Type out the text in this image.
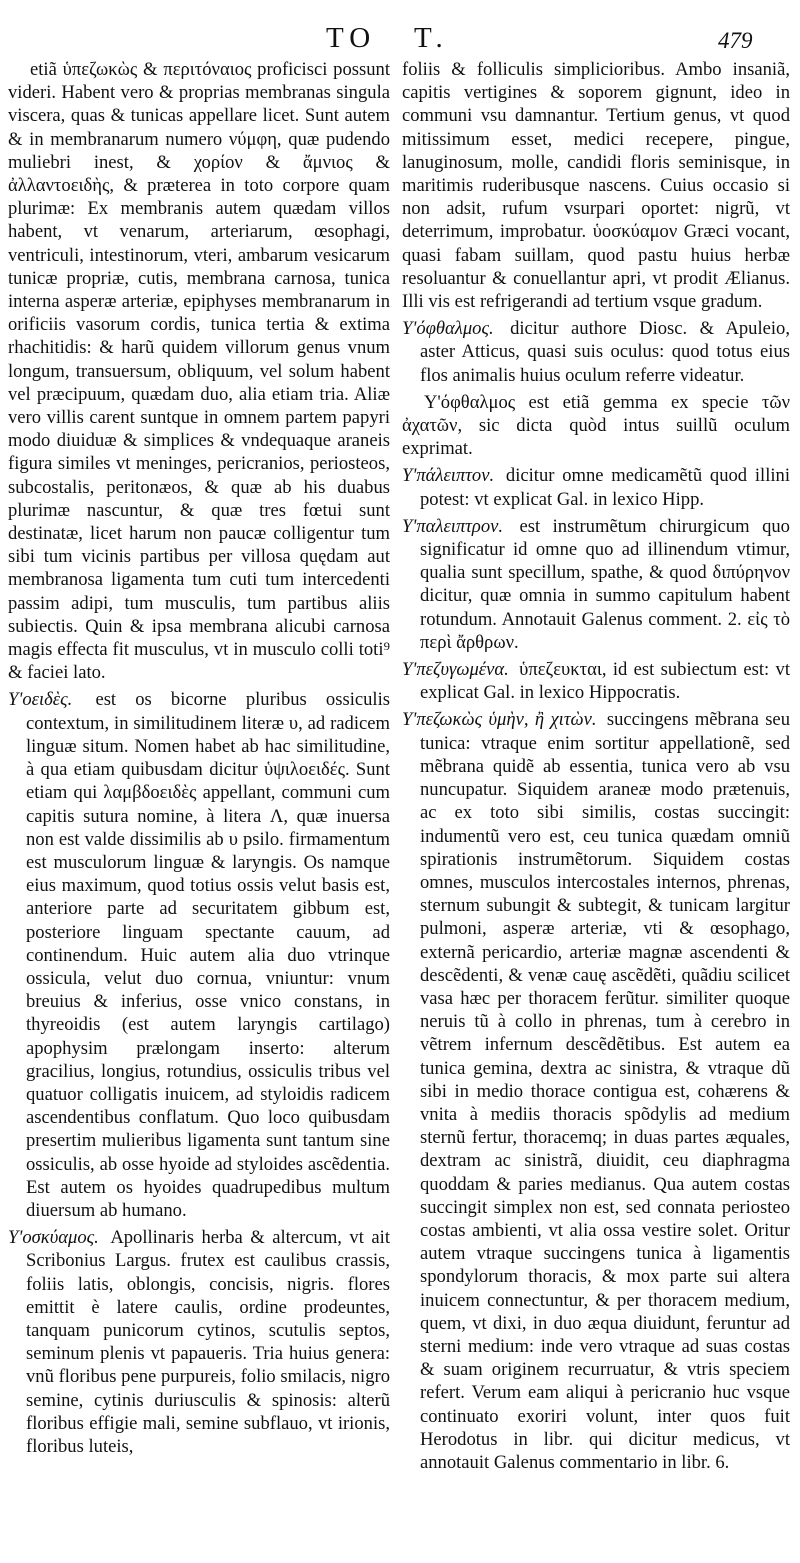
TO T.	479

etiã ὑπεζωκὼς & περιτόναιος proficisci possunt videri. Habent vero & proprias membranas singula viscera, quas & tunicas appellare licet. Sunt autem & in membranarum numero νύμφη, quæ pudendo muliebri inest, & χορίον & ἄμνιος & ἀλλαντοειδὴς, & præterea in toto corpore quam plurimæ: Ex membranis autem quædam villos habent, vt venarum, arteriarum, œsophagi, ventriculi, intestinorum, vteri, ambarum vesicarum tunicæ propriæ, cutis, membrana carnosa, tunica interna asperæ arteriæ, epiphyses membranarum in orificiis vasorum cordis, tunica tertia & extima rhachitidis: & harũ quidem villorum genus vnum longum, transuersum, obliquum, vel solum habent vel præcipuum, quædam duo, alia etiam tria. Aliæ vero villis carent suntque in omnem partem papyri modo diuiduæ & simplices & vndequaque araneis figura similes vt meninges, pericranios, periosteos, subcostalis, peritonæos, & quæ ab his duabus plurimæ nascuntur, & quæ tres fœtui sunt destinatæ, licet harum non paucæ colligentur tum sibi tum vicinis partibus per villosa quędam aut membranosa ligamenta tum cuti tum intercedenti passim adipi, tum musculis, tum partibus aliis subiectis. Quin & ipsa membrana alicubi carnosa magis effecta fit musculus, vt in musculo colli toti⁹ & faciei lato.

Υ'οειδὲς. est os bicorne pluribus ossiculis contextum, in similitudinem literæ υ, ad radicem linguæ situm. Nomen habet ab hac similitudine, à qua etiam quibusdam dicitur ὑψιλοειδές. Sunt etiam qui λαμβδοειδὲς appellant, communi cum capitis sutura nomine, à litera Λ, quæ inuersa non est valde dissimilis ab υ psilo. firmamentum est musculorum linguæ & laryngis. Os namque eius maximum, quod totius ossis velut basis est, anteriore parte ad securitatem gibbum est, posteriore linguam spectante cauum, ad continendum. Huic autem alia duo vtrinque ossicula, velut duo cornua, vniuntur: vnum breuius & inferius, osse vnico constans, in thyreoidis (est autem laryngis cartilago) apophysim prælongam inserto: alterum gracilius, longius, rotundius, ossiculis tribus vel quatuor colligatis inuicem, ad styloidis radicem ascendentibus conflatum. Quo loco quibusdam presertim mulieribus ligamenta sunt tantum sine ossiculis, ab osse hyoide ad styloides ascẽdentia. Est autem os hyoides quadrupedibus multum diuersum ab humano.

Υ'οσκύαμος. Apollinaris herba & altercum, vt ait Scribonius Largus. frutex est caulibus crassis, foliis latis, oblongis, concisis, nigris. flores emittit è latere caulis, ordine prodeuntes, tanquam punicorum cytinos, scutulis septos, seminum plenis vt papaueris. Tria huius genera: vnũ floribus pene purpureis, folio smilacis, nigro semine, cytinis duriusculis & spinosis: alterũ floribus effigie mali, semine subflauo, vt irionis, floribus luteis,

foliis & folliculis simplicioribus. Ambo insaniã, capitis vertigines & soporem gignunt, ideo in communi vsu damnantur. Tertium genus, vt quod mitissimum esset, medici recepere, pingue, lanuginosum, molle, candidi floris seminisque, in maritimis ruderibusque nascens. Cuius occasio si non adsit, rufum vsurpari oportet: nigrũ, vt deterrimum, improbatur. ὑοσκύαμον Græci vocant, quasi fabam suillam, quod pastu huius herbæ resoluantur & conuellantur apri, vt prodit Ælianus. Illi vis est refrigerandi ad tertium vsque gradum.

Υ'όφθαλμος. dicitur authore Diosc. & Apuleio, aster Atticus, quasi suis oculus: quod totus eius flos animalis huius oculum referre videatur.

Υ'όφθαλμος est etiã gemma ex specie τῶν ἀχατῶν, sic dicta quòd intus suillũ oculum exprimat.

Υ'πάλειπτον. dicitur omne medicamẽtũ quod illini potest: vt explicat Gal. in lexico Hipp.

Υ'παλειπτρον. est instrumẽtum chirurgicum quo significatur id omne quo ad illinendum vtimur, qualia sunt specillum, spathe, & quod διπύρηνον dicitur, quæ omnia in summo capitulum habent rotundum. Annotauit Galenus comment. 2. εἰς τὸ περὶ ἄρθρων.

Υ'πεζυγωμένα. ὑπεζευκται, id est subiectum est: vt explicat Gal. in lexico Hippocratis.

Υ'πεζωκὼς ὑμὴν, ἢ χιτὼν. succingens mẽbrana seu tunica: vtraque enim sortitur appellationẽ, sed mẽbrana quidẽ ab essentia, tunica vero ab vsu nuncupatur. Siquidem araneæ modo prætenuis, ac ex toto sibi similis, costas succingit: indumentũ vero est, ceu tunica quædam omniũ spirationis instrumẽtorum. Siquidem costas omnes, musculos intercostales internos, phrenas, sternum subungit & subtegit, & tunicam largitur pulmoni, asperæ arteriæ, vti & œsophago, externã pericardio, arteriæ magnæ ascendenti & descẽdenti, & venæ cauę ascẽdẽti, quãdiu scilicet vasa hæc per thoracem ferũtur. similiter quoque neruis tũ à collo in phrenas, tum à cerebro in vẽtrem infernum descẽdẽtibus. Est autem ea tunica gemina, dextra ac sinistra, & vtraque dũ sibi in medio thorace contigua est, cohærens & vnita à mediis thoracis spõdylis ad medium sternũ fertur, thoracemq; in duas partes æquales, dextram ac sinistrã, diuidit, ceu diaphragma quoddam & paries medianus. Qua autem costas succingit simplex non est, sed connata periosteo costas ambienti, vt alia ossa vestire solet. Oritur autem vtraque succingens tunica à ligamentis spondylorum thoracis, & mox parte sui altera inuicem connectuntur, & per thoracem medium, quem, vt dixi, in duo æqua diuidunt, feruntur ad sterni medium: inde vero vtraque ad suas costas & suam originem recurruatur, & vtris speciem refert. Verum eam aliqui à pericranio huc vsque continuato exoriri volunt, inter quos fuit Herodotus in libr. qui dicitur medicus, vt annotauit Galenus commentario in libr. 6.
